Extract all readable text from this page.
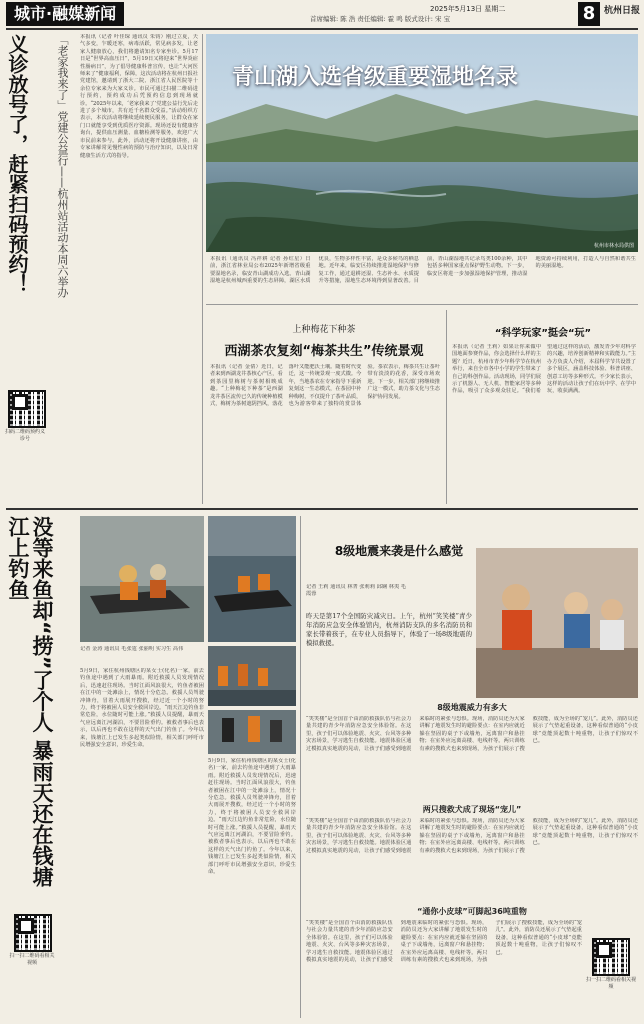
城市·融媒新闻	2025年5月13日 星期二
首席编辑: 陈 浩 责任编辑: 霍 鸣 版式设计: 宋 宝	8 杭州日报
义诊放号了，赶紧扫码预约！ 「老家我来了」党建公益行——杭州站活动本周六举办
扫码二维码预约义诊号
本报讯（记者 叶佳琛 通讯员 朱钧）刚过立夏，天气多变，乍暖还寒，病毒活跃，常见病多发，让老家人健康放心，我们将邀请知名专家坐诊。5月17日是“世界高血压日”，5月19日又将迎来“世界炎症性肠病日”，为了倡导健康科普宣传，也让“大河医师来了”健康福利，保障，这次活动将在杭州日报社党建馆，邀请到了浙大二院、浙江省人民医院等十余位专家来为大家义诊。市民可通过扫描二维码进行预约，预约成功后凭预约信息到现场就诊。“2025年以来，‘老家我来了’党建公益行先后走进了多个城市，共有近千名群众受益。”活动组织方表示，本次活动将继续延续便民服务，让群众在家门口就能享受到优质医疗资源。现场还设有健康咨询台，提供血压测量、血糖检测等服务，欢迎广大市民前来参与。此外，活动还将开设健康讲座，由专家讲解常见慢性病的预防与治疗知识，以及日常健康生活方式的指导。
青山湖入选省级重要湿地名录
杭州市林水局供图
本报讯（通讯员 冯祥耕 记者 孙红星）日前，浙江省林业局公布2025年新增省级重要湿地名录，临安青山湖成功入选。青山湖湿地是杭州城西重要的生态屏障，湖区水质优良，生物多样性丰富，是众多候鸟的栖息地。近年来，临安区持续推进湿地保护与修复工作，通过退耕还湿、生态补水、水质提升等措施，湿地生态环境得到显著改善。目前，青山湖湿地共记录鸟类100余种，其中包括多种国家重点保护野生动物。下一步，临安区将进一步加强湿地保护管理，推动湿地资源可持续利用，打造人与自然和谐共生的美丽湿地。
上种梅花下种茶
西湖茶农复刻“梅茶共生”传统景观
本报讯（记者 金倩）近日，记者来到西湖龙井茶核心产区，看到茶园里梅树与茶树相映成趣。“上种梅花下种茶”是西湖龙井茶区流传已久的传统种植模式，梅树为茶树遮阴挡风，落花落叶又能肥沃土壤。随着时代变迁，这一传统景观一度式微。今年，当地茶农在专家指导下重新复刻这一生态模式，在茶园中补种梅树，不仅提升了茶叶品质，也为游客带来了独特的赏景体验。茶农表示，梅茶共生让茶叶带有淡淡的花香，深受市场欢迎。下一步，相关部门将继续推广这一模式，助力茶文化与生态保护协同发展。
“科学玩家”挺会“玩”
本报讯（记者 王莉）如果让你来做中国地面参赛作品，你会选择什么样的主题？近日，杭州市青少年科学节在杭州举行，来自全市各中小学的学生带来了自己的科创作品。活动现场，同学们展示了机器人、无人机、智能家居等多种作品，吸引了众多观众驻足。“我们希望通过这样的活动，激发青少年对科学的兴趣，培养创新精神和实践能力。”主办方负责人介绍，本届科学节共设置了多个展区，涵盖科技体验、科普讲座、创意工坊等多种形式。不少家长表示，这样的活动让孩子们在玩中学、在学中玩，收获满满。
没等来鱼却“捞”了个人 暴雨天还在钱塘江上钓鱼
扫一扫二维码看相关视频
记者 金涛 通讯员 毛张霆 张丽明 实习生 高伟
5月9日，家住杭州钱塘区的某女士(化名)一家，前去钓鱼途中遇到了大雨暴雨。附近救援人员发现情况后，迅速赶往现场。当时江面风浪很大，钓鱼者被困在江中的一处滩涂上，情况十分危急。救援人员驾驶冲锋舟，冒着大雨展开搜救，经过近一个小时的努力，终于将被困人员安全救回岸边。“雨天江边钓鱼非常危险，水位随时可能上涨。”救援人员提醒，暴雨天气应远离江河湖泊，不要冒险垂钓。被救者事后也表示，以后再也不敢在这样的天气出门钓鱼了。今年以来，钱塘江上已发生多起类似险情，相关部门呼吁市民增强安全意识，珍爱生命。
5月9日，家住杭州钱塘区的某女士(化名)一家，前去钓鱼途中遇到了大雨暴雨。附近救援人员发现情况后，迅速赶往现场。当时江面风浪很大，钓鱼者被困在江中的一处滩涂上，情况十分危急。救援人员驾驶冲锋舟，冒着大雨展开搜救，经过近一个小时的努力，终于将被困人员安全救回岸边。“雨天江边钓鱼非常危险，水位随时可能上涨。”救援人员提醒，暴雨天气应远离江河湖泊，不要冒险垂钓。被救者事后也表示，以后再也不敢在这样的天气出门钓鱼了。今年以来，钱塘江上已发生多起类似险情，相关部门呼吁市民增强安全意识，珍爱生命。
8级地震来袭是什么感觉
记者 王莉 通讯员 林菁 张莉莉 邱娴 林夷 毛霞蓉
昨天是第17个全国防灾减灾日。上午，杭州“笑笑楼”青少年消防应急安全体验馆内，杭州消防支队的多名消防员和家长带着孩子，在专业人员指导下，体验了一场8级地震的模拟救援。
8级地震威力有多大
“笑笑楼”是全国首个由消防救援队伍与社会力量共建的青少年消防应急安全体验馆。在这里，孩子们可以体验地震、火灾、台风等多种灾害场景，学习逃生自救技能。地震体验区通过模拟真实地震的晃动，让孩子们感受到地震来临时的紧张与恐惧。现场，消防员还为大家讲解了地震发生时的避险要点：在室内应就近躲在坚固的桌子下或墙角，远离窗户和悬挂物；在室外应远离高楼、电线杆等。两只训练有素的搜救犬也来到现场，为孩子们展示了搜救技能，成为全场的“宠儿”。此外，消防员还展示了气垫起重设备，这种看似普通的“小皮球”竟能顶起数十吨重物，让孩子们惊叹不已。
两只搜救犬成了现场“宠儿”
“笑笑楼”是全国首个由消防救援队伍与社会力量共建的青少年消防应急安全体验馆。在这里，孩子们可以体验地震、火灾、台风等多种灾害场景，学习逃生自救技能。地震体验区通过模拟真实地震的晃动，让孩子们感受到地震来临时的紧张与恐惧。现场，消防员还为大家讲解了地震发生时的避险要点：在室内应就近躲在坚固的桌子下或墙角，远离窗户和悬挂物；在室外应远离高楼、电线杆等。两只训练有素的搜救犬也来到现场，为孩子们展示了搜救技能，成为全场的“宠儿”。此外，消防员还展示了气垫起重设备，这种看似普通的“小皮球”竟能顶起数十吨重物，让孩子们惊叹不已。
“通你小皮球”可脚起36吨重物
“笑笑楼”是全国首个由消防救援队伍与社会力量共建的青少年消防应急安全体验馆。在这里，孩子们可以体验地震、火灾、台风等多种灾害场景，学习逃生自救技能。地震体验区通过模拟真实地震的晃动，让孩子们感受到地震来临时的紧张与恐惧。现场，消防员还为大家讲解了地震发生时的避险要点：在室内应就近躲在坚固的桌子下或墙角，远离窗户和悬挂物；在室外应远离高楼、电线杆等。两只训练有素的搜救犬也来到现场，为孩子们展示了搜救技能，成为全场的“宠儿”。此外，消防员还展示了气垫起重设备，这种看似普通的“小皮球”竟能顶起数十吨重物，让孩子们惊叹不已。
扫一扫二维码看相关视频
